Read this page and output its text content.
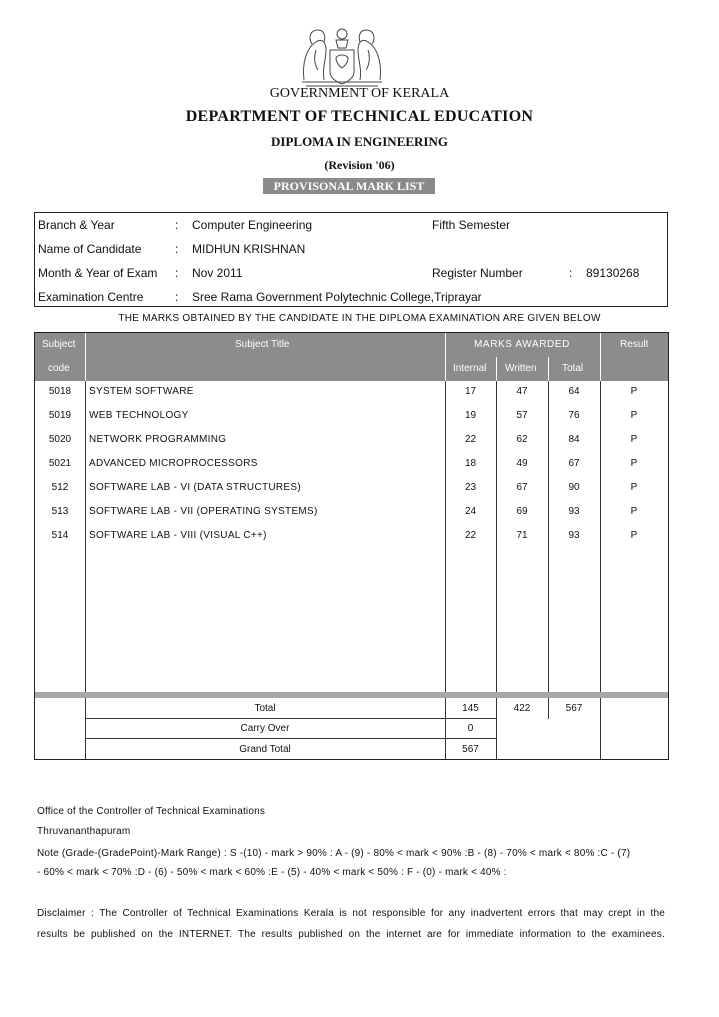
GOVERNMENT OF KERALA
DEPARTMENT OF TECHNICAL EDUCATION
DIPLOMA IN ENGINEERING
(Revision '06)
PROVISONAL MARK LIST
Branch & Year	: Computer Engineering	Fifth Semester
Name of Candidate	: MIDHUN KRISHNAN
Month & Year of Exam : Nov 2011	Register Number	: 89130268
Examination Centre	: Sree Rama Government Polytechnic College,Triprayar
THE MARKS OBTAINED BY THE CANDIDATE IN THE DIPLOMA EXAMINATION ARE GIVEN BELOW
Subject
code
Subject Title	MARKS AWARDED
Internal Written	Total
Result
5018	SYSTEM SOFTWARE	17	47	64	P
5019	WEB TECHNOLOGY	19	57	76	P
5020	NETWORK PROGRAMMING	22	62	84	P
5021	ADVANCED MICROPROCESSORS	18	49	67	P
512	SOFTWARE LAB - VI (DATA STRUCTURES)	23	67	90	P
513	SOFTWARE LAB - VII (OPERATING SYSTEMS)	24	69	93	P
514	SOFTWARE LAB - VIII (VISUAL C++)	22	71	93	P
Total	145	422	567
Carry Over	0
Grand Total	567
Office of the Controller of Technical Examinations
Thruvananthapuram
Note (Grade-(GradePoint)-Mark Range) : S -(10) - mark > 90% : A - (9) - 80% < mark < 90% :B - (8) - 70% < mark < 80% :C - (7)
- 60% < mark < 70% :D - (6) - 50% < mark < 60% :E - (5) - 40% < mark < 50% : F - (0) - mark < 40% :
Disclaimer : The Controller of Technical Examinations Kerala is not responsible for any inadvertent errors that may crept in the
results be published on the INTERNET. The results published on the internet are for immediate information to the examinees.
